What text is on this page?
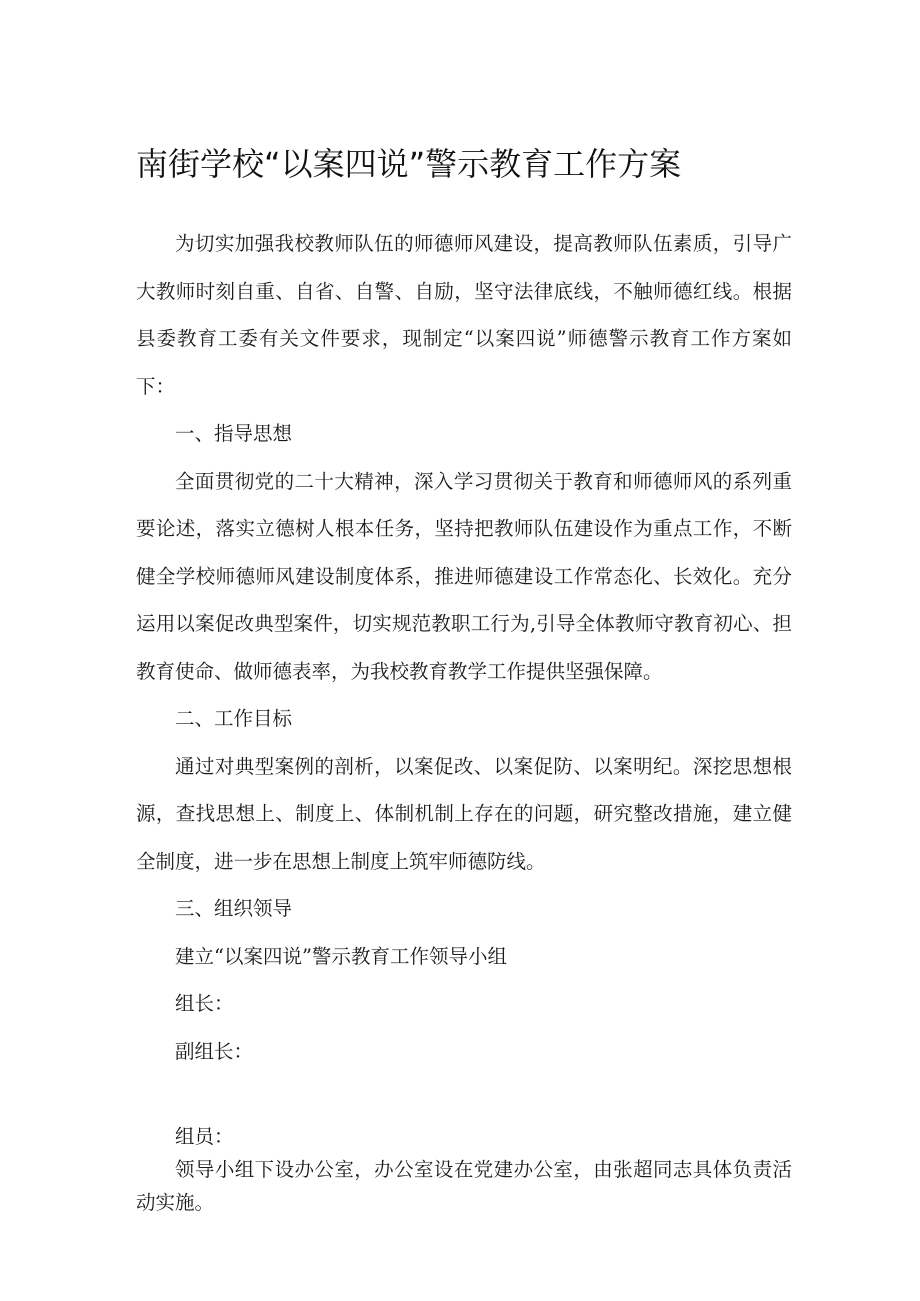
南街学校“以案四说”警示教育工作方案

为切实加强我校教师队伍的师德师风建设，提高教师队伍素质，引导广大教师时刻自重、自省、自警、自励，坚守法律底线，不触师德红线。根据县委教育工委有关文件要求，现制定“以案四说”师德警示教育工作方案如下：

一、指导思想

全面贯彻党的二十大精神，深入学习贯彻关于教育和师德师风的系列重要论述，落实立德树人根本任务，坚持把教师队伍建设作为重点工作，不断健全学校师德师风建设制度体系，推进师德建设工作常态化、长效化。充分运用以案促改典型案件，切实规范教职工行为,引导全体教师守教育初心、担教育使命、做师德表率，为我校教育教学工作提供坚强保障。

二、工作目标

通过对典型案例的剖析，以案促改、以案促防、以案明纪。深挖思想根源，查找思想上、制度上、体制机制上存在的问题，研究整改措施，建立健全制度，进一步在思想上制度上筑牢师德防线。

三、组织领导

建立“以案四说”警示教育工作领导小组

组长：

副组长：

组员：

领导小组下设办公室，办公室设在党建办公室，由张超同志具体负责活动实施。
